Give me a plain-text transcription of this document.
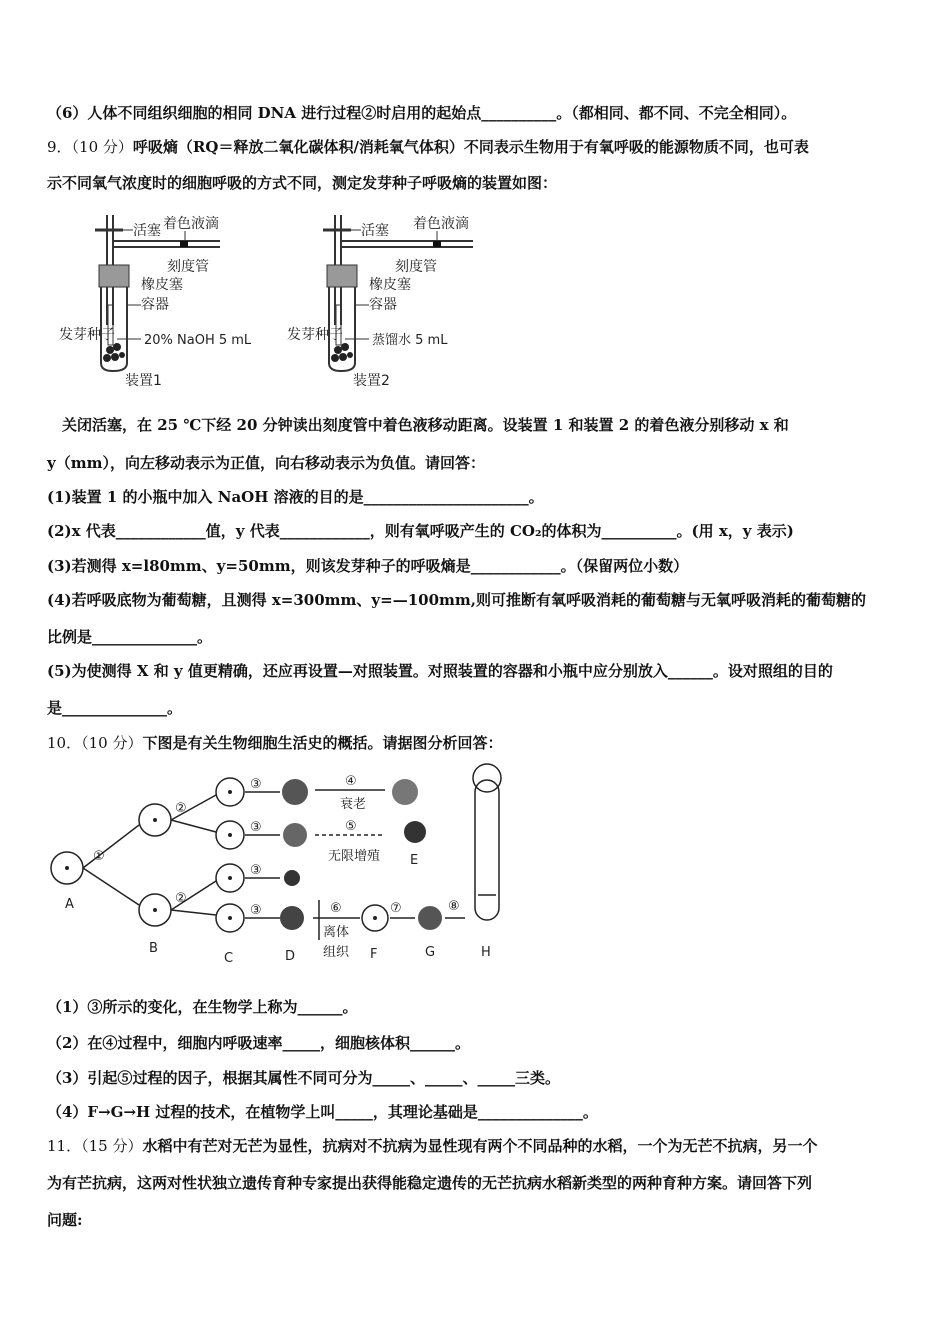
（6）人体不同组织细胞的相同 DNA 进行过程②时启用的起始点__________。（都相同、都不同、不完全相同）。
9．（10 分）呼吸熵（RQ＝释放二氧化碳体积/消耗氧气体积）不同表示生物用于有氧呼吸的能源物质不同，也可表
示不同氧气浓度时的细胞呼吸的方式不同，测定发芽种子呼吸熵的装置如图：
活塞 着色液滴
刻度管
橡皮塞
容器
20% NaOH 5 mL
发芽种子
装置1
活塞 着色液滴
刻度管
橡皮塞
容器
蒸馏水 5 mL
发芽种子
装置2
关闭活塞，在 25 ℃下经 20 分钟读出刻度管中着色液移动距离。设装置 1 和装置 2 的着色液分别移动 x 和
y（mm），向左移动表示为正值，向右移动表示为负值。请回答：
(1)装置 1 的小瓶中加入 NaOH 溶液的目的是______________________。
(2)x 代表____________值，y 代表____________，则有氧呼吸产生的 CO₂的体积为__________。(用 x，y 表示)
(3)若测得 x=l80mm、y=50mm，则该发芽种子的呼吸熵是____________。（保留两位小数）
(4)若呼吸底物为葡萄糖，且测得 x=300mm、y=—100mm,则可推断有氧呼吸消耗的葡萄糖与无氧呼吸消耗的葡萄糖的
比例是______________。
(5)为使测得 X 和 y 值更精确，还应再设置—对照装置。对照装置的容器和小瓶中应分别放入______。设对照组的目的
是______________。
10．（10 分）下图是有关生物细胞生活史的概括。请据图分析回答：
①
②
②
③
③
③
③
④
⑤
⑥	⑦	⑧
衰老
无限增殖
离体
组织
A
B
C	D
E
F	G	H
（1）③所示的变化，在生物学上称为______。
（2）在④过程中，细胞内呼吸速率_____，细胞核体积______。
（3）引起⑤过程的因子，根据其属性不同可分为_____、_____、_____三类。
（4）F→G→H 过程的技术，在植物学上叫_____，其理论基础是______________。
11．（15 分）水稻中有芒对无芒为显性，抗病对不抗病为显性现有两个不同品种的水稻，一个为无芒不抗病，另一个
为有芒抗病，这两对性状独立遗传育种专家提出获得能稳定遗传的无芒抗病水稻新类型的两种育种方案。请回答下列
问题:
